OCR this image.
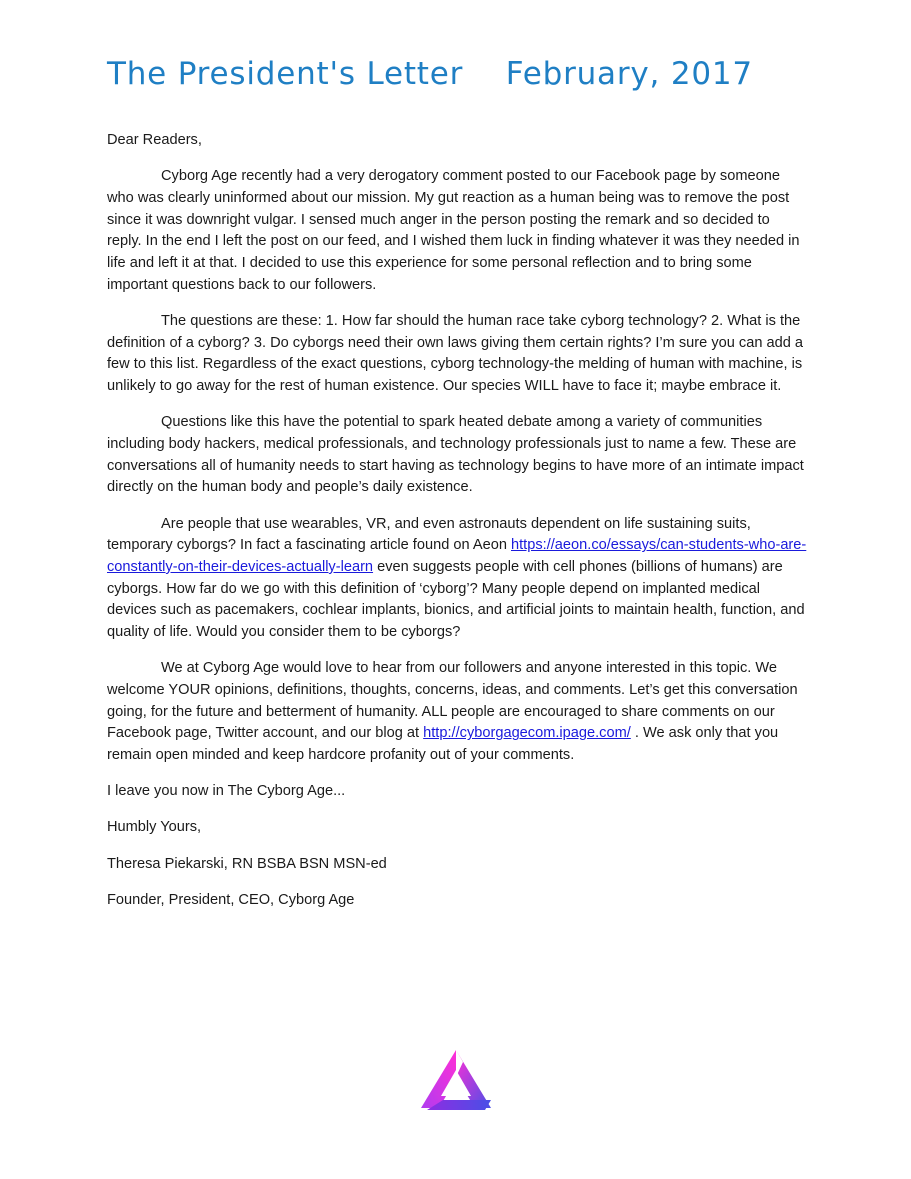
The President's Letter    February, 2017

Dear Readers,

Cyborg Age recently had a very derogatory comment posted to our Facebook page by someone who was clearly uninformed about our mission. My gut reaction as a human being was to remove the post since it was downright vulgar. I sensed much anger in the person posting the remark and so decided to reply. In the end I left the post on our feed, and I wished them luck in finding whatever it was they needed in life and left it at that. I decided to use this experience for some personal reflection and to bring some important questions back to our followers.

The questions are these: 1. How far should the human race take cyborg technology? 2. What is the definition of a cyborg? 3. Do cyborgs need their own laws giving them certain rights? I’m sure you can add a few to this list. Regardless of the exact questions, cyborg technology-the melding of human with machine, is unlikely to go away for the rest of human existence. Our species WILL have to face it; maybe embrace it.

Questions like this have the potential to spark heated debate among a variety of communities including body hackers, medical professionals, and technology professionals just to name a few. These are conversations all of humanity needs to start having as technology begins to have more of an intimate impact directly on the human body and people’s daily existence.

Are people that use wearables, VR, and even astronauts dependent on life sustaining suits, temporary cyborgs? In fact a fascinating article found on Aeon https://aeon.co/essays/can-students-who-are-constantly-on-their-devices-actually-learn even suggests people with cell phones (billions of humans) are cyborgs. How far do we go with this definition of ‘cyborg’? Many people depend on implanted medical devices such as pacemakers, cochlear implants, bionics, and artificial joints to maintain health, function, and quality of life. Would you consider them to be cyborgs?

We at Cyborg Age would love to hear from our followers and anyone interested in this topic. We welcome YOUR opinions, definitions, thoughts, concerns, ideas, and comments. Let’s get this conversation going, for the future and betterment of humanity. ALL people are encouraged to share comments on our Facebook page, Twitter account, and our blog at http://cyborgagecom.ipage.com/ . We ask only that you remain open minded and keep hardcore profanity out of your comments.

I leave you now in The Cyborg Age...

Humbly Yours,

Theresa Piekarski, RN BSBA BSN MSN-ed

Founder, President, CEO, Cyborg Age
